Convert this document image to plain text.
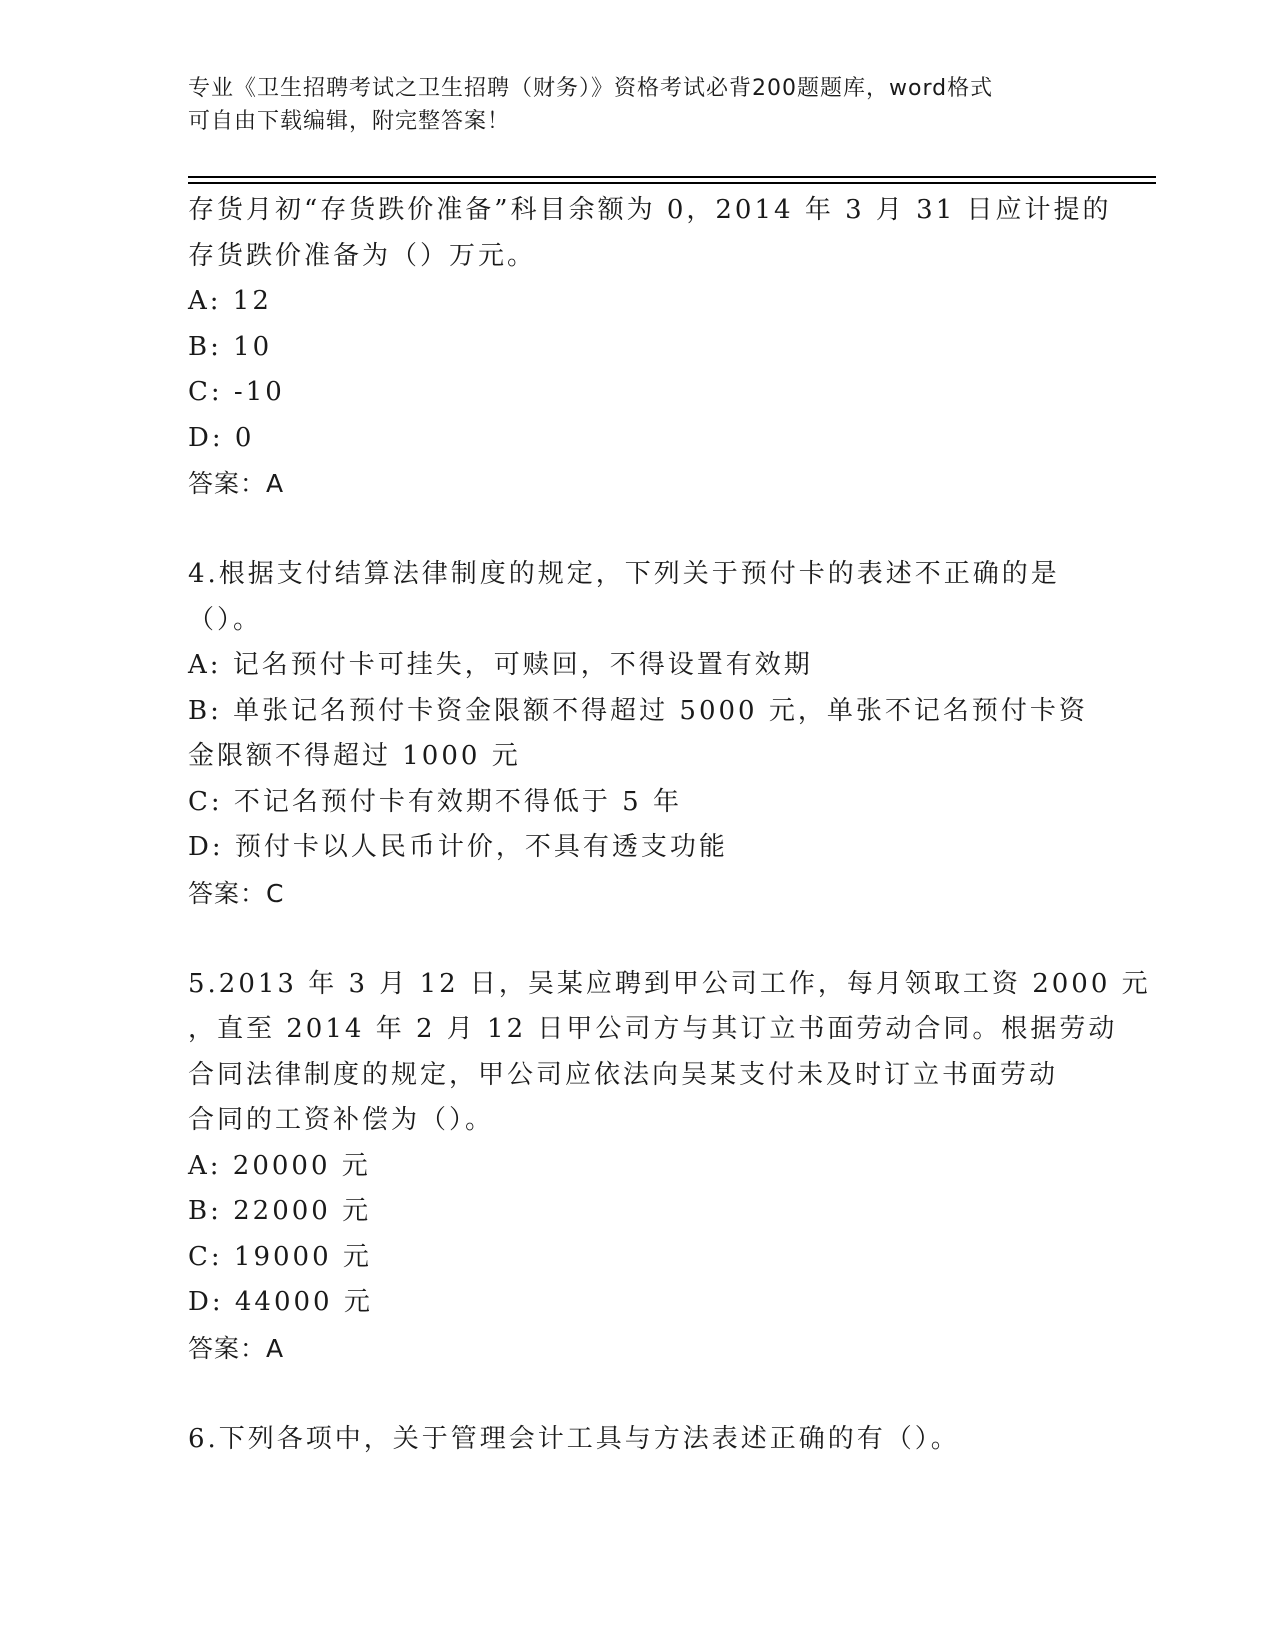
专业《卫生招聘考试之卫生招聘（财务）》资格考试必背200题题库，word格式
可自由下载编辑，附完整答案！
存货月初“存货跌价准备”科目余额为 0，2014 年 3 月 31 日应计提的
存货跌价准备为（）万元。
A: 12
B: 10
C: -10
D: 0
答案：A
4.根据支付结算法律制度的规定，下列关于预付卡的表述不正确的是
（）。
A: 记名预付卡可挂失，可赎回，不得设置有效期
B: 单张记名预付卡资金限额不得超过 5000 元，单张不记名预付卡资
金限额不得超过 1000 元
C: 不记名预付卡有效期不得低于 5 年
D: 预付卡以人民币计价，不具有透支功能
答案：C
5.2013 年 3 月 12 日，吴某应聘到甲公司工作，每月领取工资 2000 元
，直至 2014 年 2 月 12 日甲公司方与其订立书面劳动合同。根据劳动
合同法律制度的规定，甲公司应依法向吴某支付未及时订立书面劳动
合同的工资补偿为（）。
A: 20000 元
B: 22000 元
C: 19000 元
D: 44000 元
答案：A
6.下列各项中，关于管理会计工具与方法表述正确的有（）。
